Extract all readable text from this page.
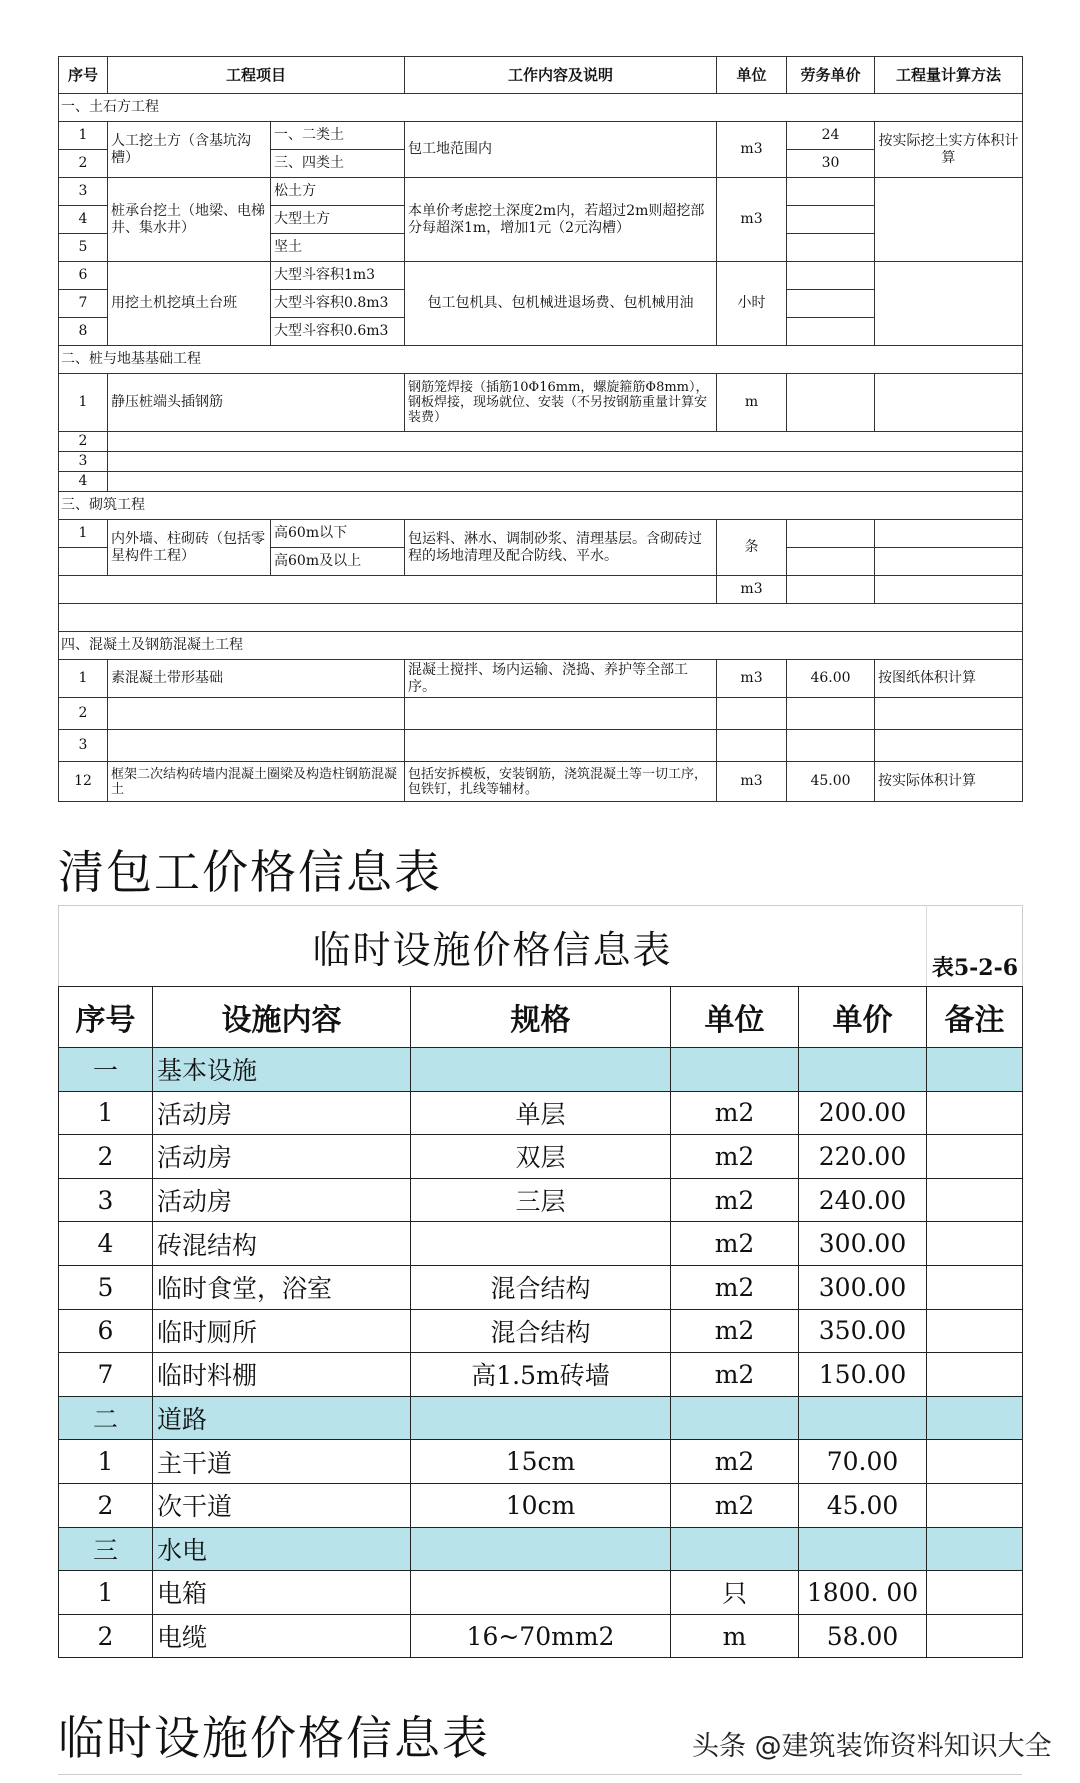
序号	工程项目		工作内容及说明	单位	劳务单价	工程量计算方法
一、土石方工程						
1	人工挖土方（含基坑沟槽）	一、二类土	包工地范围内	m3	24	按实际挖土实方体积计算
2		三、四类土			30	
3	桩承台挖土（地梁、电梯井、集水井）	松土方	本单价考虑挖土深度2m内，若超过2m则超挖部分每超深1m，增加1元（2元沟槽）	m3		
4		大型土方				
5		坚土				
6	用挖土机挖填土台班	大型斗容积1m3	包工包机具、包机械进退场费、包机械用油	小时		
7		大型斗容积0.8m3				
8		大型斗容积0.6m3				
二、桩与地基基础工程						
1	静压桩端头插钢筋		钢筋笼焊接（插筋10Φ16mm，螺旋箍筋Φ8mm），钢板焊接，现场就位、安装（不另按钢筋重量计算安装费）	m		
2						
3						
4						
三、砌筑工程						
1	内外墙、柱砌砖（包括零星构件工程）	高60m以下	包运料、淋水、调制砂浆、清理基层。含砌砖过程的场地清理及配合防线、平水。	条		
		高60m及以上				
				m3		

四、混凝土及钢筋混凝土工程						
1	素混凝土带形基础		混凝土搅拌、场内运输、浇捣、养护等全部工序。	m3	46.00	按图纸体积计算
2						
3						
12	框架二次结构砖墙内混凝土圈梁及构造柱钢筋混凝土		包括安拆模板，安装钢筋，浇筑混凝土等一切工序，包铁钉，扎线等辅材。	m3	45.00	按实际体积计算
清包工价格信息表
临时设施价格信息表					表5-2-6
序号	设施内容	规格	单位	单价	备注
一	基本设施				
1	活动房	单层	m2	200.00	
2	活动房	双层	m2	220.00	
3	活动房	三层	m2	240.00	
4	砖混结构		m2	300.00	
5	临时食堂，浴室	混合结构	m2	300.00	
6	临时厕所	混合结构	m2	350.00	
7	临时料棚	高1.5m砖墙	m2	150.00	
二	道路				
1	主干道	15cm	m2	70.00	
2	次干道	10cm	m2	45.00	
三	水电				
1	电箱		只	1800. 00	
2	电缆	16~70mm2	m	58.00	
临时设施价格信息表	头条 @建筑装饰资料知识大全
